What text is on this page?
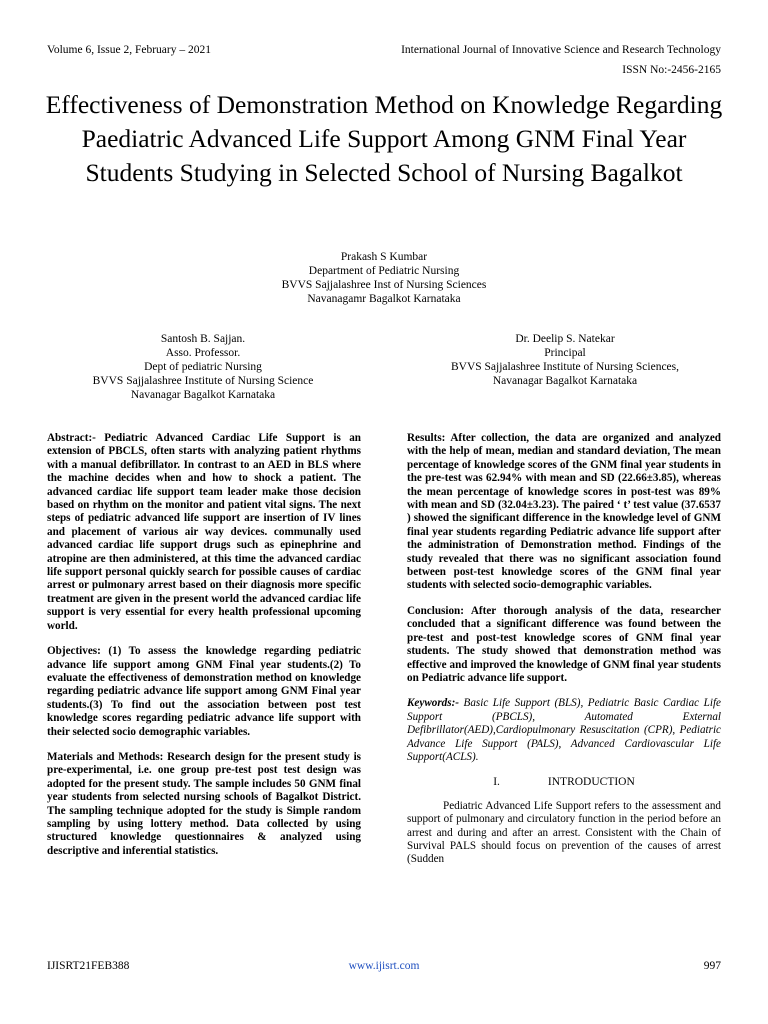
Volume 6, Issue 2, February – 2021	International Journal of Innovative Science and Research Technology
ISSN No:-2456-2165
Effectiveness of Demonstration Method on Knowledge Regarding Paediatric Advanced Life Support Among GNM Final Year Students Studying in Selected School of Nursing Bagalkot
Prakash S Kumbar
Department of Pediatric Nursing
BVVS Sajjalashree Inst of Nursing Sciences
Navanagamr Bagalkot Karnataka
Santosh B. Sajjan.
Asso. Professor.
Dept of pediatric Nursing
BVVS Sajjalashree Institute of Nursing Science
Navanagar Bagalkot Karnataka
Dr. Deelip S. Natekar
Principal
BVVS Sajjalashree Institute of Nursing Sciences,
Navanagar Bagalkot Karnataka

Abstract:- Pediatric Advanced Cardiac Life Support is an extension of PBCLS, often starts with analyzing patient rhythms with a manual defibrillator. In contrast to an AED in BLS where the machine decides when and how to shock a patient. The advanced cardiac life support team leader make those decision based on rhythm on the monitor and patient vital signs. The next steps of pediatric advanced life support are insertion of IV lines and placement of various air way devices. communally used advanced cardiac life support drugs such as epinephrine and atropine are then administered, at this time the advanced cardiac life support personal quickly search for possible causes of cardiac arrest or pulmonary arrest based on their diagnosis more specific treatment are given in the present world the advanced cardiac life support is very essential for every health professional upcoming world.

Objectives: (1) To assess the knowledge regarding pediatric advance life support among GNM Final year students.(2) To evaluate the effectiveness of demonstration method on knowledge regarding pediatric advance life support among GNM Final year students.(3) To find out the association between post test knowledge scores regarding pediatric advance life support with their selected socio demographic variables.

Materials and Methods: Research design for the present study is pre-experimental, i.e. one group pre-test post test design was adopted for the present study. The sample includes 50 GNM final year students from selected nursing schools of Bagalkot District. The sampling technique adopted for the study is Simple random sampling by using lottery method. Data collected by using structured knowledge questionnaires & analyzed using descriptive and inferential statistics.

Results: After collection, the data are organized and analyzed with the help of mean, median and standard deviation, The mean percentage of knowledge scores of the GNM final year students in the pre-test was 62.94% with mean and SD (22.66±3.85), whereas the mean percentage of knowledge scores in post-test was 89% with mean and SD (32.04±3.23). The paired ‘ t’ test value (37.6537 ) showed the significant difference in the knowledge level of GNM final year students regarding Pediatric advance life support after the administration of Demonstration method. Findings of the study revealed that there was no significant association found between post-test knowledge scores of the GNM final year students with selected socio-demographic variables.

Conclusion: After thorough analysis of the data, researcher concluded that a significant difference was found between the pre-test and post-test knowledge scores of GNM final year students. The study showed that demonstration method was effective and improved the knowledge of GNM final year students on Pediatric advance life support.

Keywords:- Basic Life Support (BLS), Pediatric Basic Cardiac Life Support (PBCLS), Automated External Defibrillator(AED),Cardiopulmonary Resuscitation (CPR), Pediatric Advance Life Support (PALS), Advanced Cardiovascular Life Support(ACLS).

I.	INTRODUCTION

Pediatric Advanced Life Support refers to the assessment and support of pulmonary and circulatory function in the period before an arrest and during and after an arrest. Consistent with the Chain of Survival PALS should focus on prevention of the causes of arrest (Sudden

IJISRT21FEB388	www.ijisrt.com	997
